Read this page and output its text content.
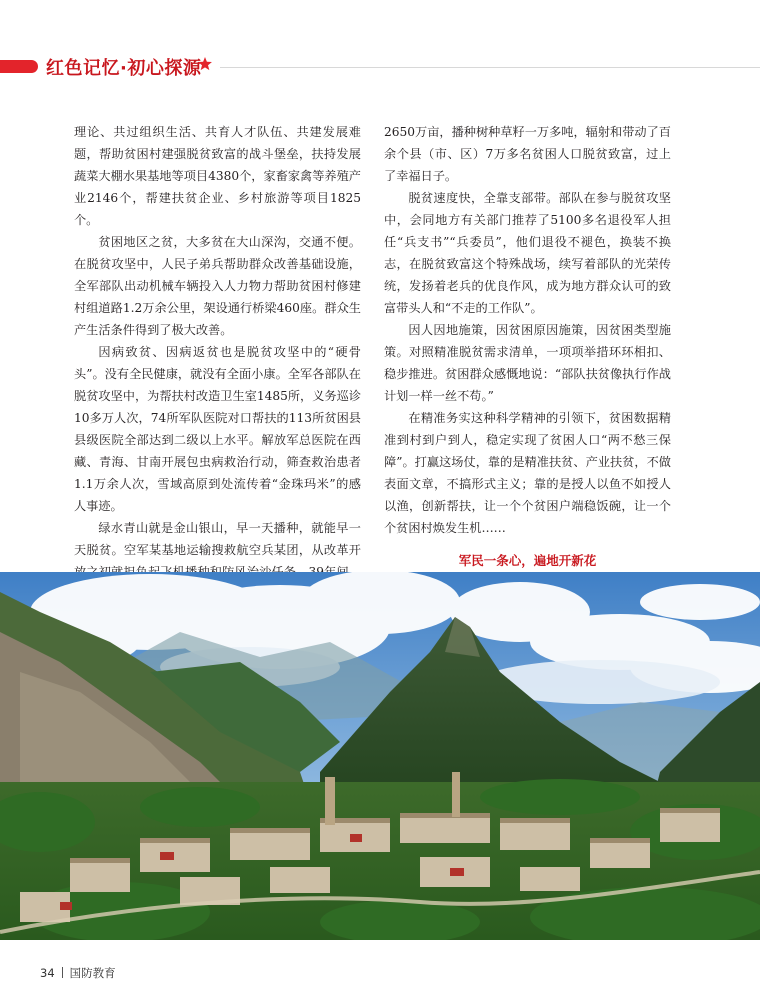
红色记忆·初心探源

理论、共过组织生活、共育人才队伍、共建发展难题，帮助贫困村建强脱贫致富的战斗堡垒，扶持发展蔬菜大棚水果基地等项目4380个，家畜家禽等养殖产业2146个，帮建扶贫企业、乡村旅游等项目1825个。

贫困地区之贫，大多贫在大山深沟，交通不便。在脱贫攻坚中，人民子弟兵帮助群众改善基础设施，全军部队出动机械车辆投入人力物力帮助贫困村修建村组道路1.2万余公里，架设通行桥梁460座。群众生产生活条件得到了极大改善。

因病致贫、因病返贫也是脱贫攻坚中的“硬骨头”。没有全民健康，就没有全面小康。全军各部队在脱贫攻坚中，为帮扶村改造卫生室1485所，义务巡诊10多万人次，74所军队医院对口帮扶的113所贫困县县级医院全部达到二级以上水平。解放军总医院在西藏、青海、甘南开展包虫病救治行动，筛查救治患者1.1万余人次，雪域高原到处流传着“金珠玛米”的感人事迹。

绿水青山就是金山银山，早一天播种，就能早一天脱贫。空军某基地运输搜救航空兵某团，从改革开

2650万亩，播种树种草籽一万多吨，辐射和带动了百余个县（市、区）7万多名贫困人口脱贫致富，过上了幸福日子。

脱贫速度快，全靠支部带。部队在参与脱贫攻坚中，会同地方有关部门推荐了5100多名退役军人担任“兵支书”“兵委员”，他们退役不褪色，换装不换志，在脱贫致富这个特殊战场，续写着部队的光荣传统，发扬着老兵的优良作风，成为地方群众认可的致富带头人和“不走的工作队”。

因人因地施策，因贫困原因施策，因贫困类型施策。对照精准脱贫需求清单，一项项举措环环相扣、稳步推进。贫困群众感慨地说：“部队扶贫像执行作战计划一样一丝不苟。”

在精准务实这种科学精神的引领下，贫困数据精准到村到户到人，稳定实现了贫困人口“两不愁三保障”。打赢这场仗，靠的是精准扶贫、产业扶贫，不做表面文章，不搞形式主义；靠的是授人以鱼不如授人以渔，创新帮扶，让一个个贫困户端稳饭碗，让一个个贫困村焕发生机……

军民一条心，遍地开新花

34 国防教育
